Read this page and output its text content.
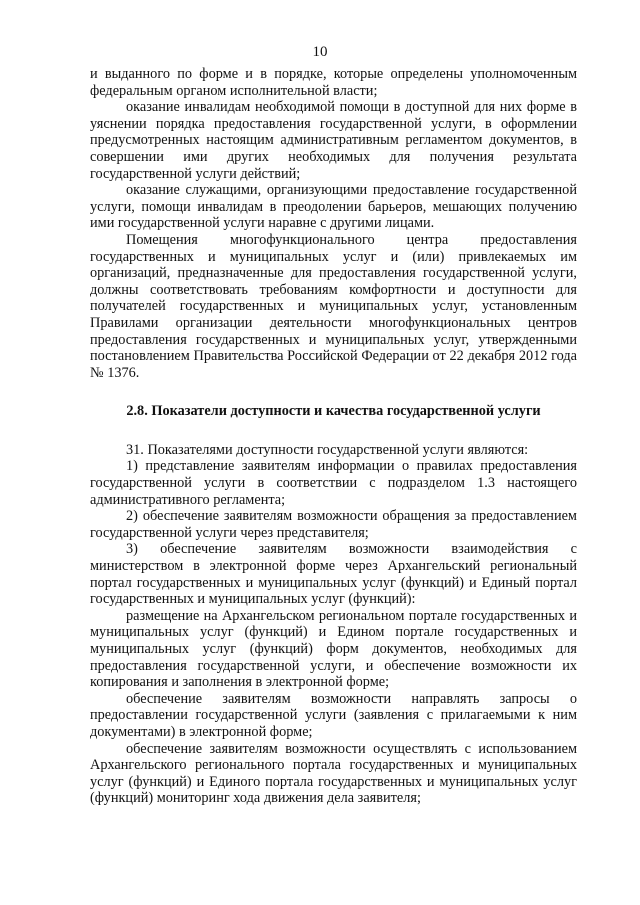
10

и выданного по форме и в порядке, которые определены уполномоченным федеральным органом исполнительной власти;

оказание инвалидам необходимой помощи в доступной для них форме в уяснении порядка предоставления государственной услуги, в оформлении предусмотренных настоящим административным регламентом документов, в совершении ими других необходимых для получения результата государственной услуги действий;

оказание служащими, организующими предоставление государственной услуги, помощи инвалидам в преодолении барьеров, мешающих получению ими государственной услуги наравне с другими лицами.

Помещения многофункционального центра предоставления государственных и муниципальных услуг и (или) привлекаемых им организаций, предназначенные для предоставления государственной услуги, должны соответствовать требованиям комфортности и доступности для получателей государственных и муниципальных услуг, установленным Правилами организации деятельности многофункциональных центров предоставления государственных и муниципальных услуг, утвержденными постановлением Правительства Российской Федерации от 22 декабря 2012 года № 1376.

2.8. Показатели доступности и качества государственной услуги

31. Показателями доступности государственной услуги являются:

1) представление заявителям информации о правилах предоставления государственной услуги в соответствии с подразделом 1.3 настоящего административного регламента;

2) обеспечение заявителям возможности обращения за предоставлением государственной услуги через представителя;

3) обеспечение заявителям возможности взаимодействия с министерством в электронной форме через Архангельский региональный портал государственных и муниципальных услуг (функций) и Единый портал государственных и муниципальных услуг (функций):

размещение на Архангельском региональном портале государственных и муниципальных услуг (функций) и Едином портале государственных и муниципальных услуг (функций) форм документов, необходимых для предоставления государственной услуги, и обеспечение возможности их копирования и заполнения в электронной форме;

обеспечение заявителям возможности направлять запросы о предоставлении государственной услуги (заявления с прилагаемыми к ним документами) в электронной форме;

обеспечение заявителям возможности осуществлять с использованием Архангельского регионального портала государственных и муниципальных услуг (функций) и Единого портала государственных и муниципальных услуг (функций) мониторинг хода движения дела заявителя;
